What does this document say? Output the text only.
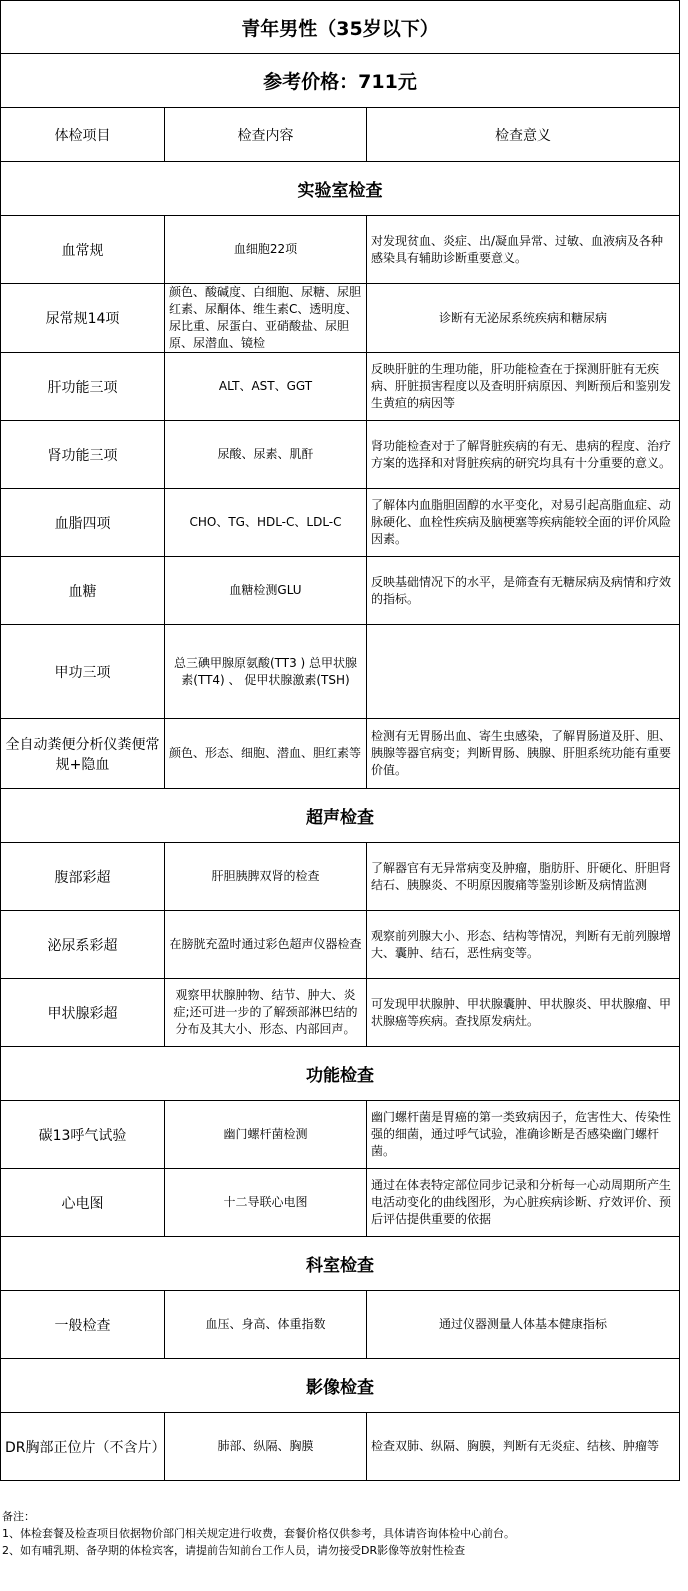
青年男性（35岁以下）		
参考价格：711元		
体检项目	检查内容	检查意义
实验室检查		
血常规	血细胞22项	对发现贫血、炎症、出/凝血异常、过敏、血液病及各种感染具有辅助诊断重要意义。
尿常规14项	颜色、酸碱度、白细胞、尿糖、尿胆红素、尿酮体、维生素C、透明度、尿比重、尿蛋白、亚硝酸盐、尿胆原、尿潜血、镜检	诊断有无泌尿系统疾病和糖尿病
肝功能三项	ALT、AST、GGT	反映肝脏的生理功能，肝功能检查在于探测肝脏有无疾病、肝脏损害程度以及查明肝病原因、判断预后和鉴别发生黄疸的病因等
肾功能三项	尿酸、尿素、肌酐	肾功能检查对于了解肾脏疾病的有无、患病的程度、治疗方案的选择和对肾脏疾病的研究均具有十分重要的意义。
血脂四项	CHO、TG、HDL-C、LDL-C	了解体内血脂胆固醇的水平变化，对易引起高脂血症、动脉硬化、血栓性疾病及脑梗塞等疾病能较全面的评价风险因素。
血糖	血糖检测GLU	反映基础情况下的水平，是筛查有无糖尿病及病情和疗效的指标。
甲功三项	总三碘甲腺原氨酸(TT3 ) 总甲状腺素(TT4) 、 促甲状腺激素(TSH)	
全自动粪便分析仪粪便常规+隐血	颜色、形态、细胞、潜血、胆红素等	检测有无胃肠出血、寄生虫感染，了解胃肠道及肝、胆、胰腺等器官病变；判断胃肠、胰腺、肝胆系统功能有重要价值。
超声检查		
腹部彩超	肝胆胰脾双肾的检查	了解器官有无异常病变及肿瘤，脂肪肝、肝硬化、肝胆肾结石、胰腺炎、不明原因腹痛等鉴别诊断及病情监测
泌尿系彩超	在膀胱充盈时通过彩色超声仪器检查	观察前列腺大小、形态、结构等情况，判断有无前列腺增大、囊肿、结石，恶性病变等。
甲状腺彩超	观察甲状腺肿物、结节、肿大、炎症;还可进一步的了解颈部淋巴结的分布及其大小、形态、内部回声。	可发现甲状腺肿、甲状腺囊肿、甲状腺炎、甲状腺瘤、甲状腺癌等疾病。查找原发病灶。
功能检查		
碳13呼气试验	幽门螺杆菌检测	幽门螺杆菌是胃癌的第一类致病因子，危害性大、传染性强的细菌，通过呼气试验，准确诊断是否感染幽门螺杆菌。
心电图	十二导联心电图	通过在体表特定部位同步记录和分析每一心动周期所产生电活动变化的曲线图形，为心脏疾病诊断、疗效评价、预后评估提供重要的依据
科室检查		
一般检查	血压、身高、体重指数	通过仪器测量人体基本健康指标
影像检查		
DR胸部正位片（不含片）	肺部、纵隔、胸膜	检查双肺、纵隔、胸膜，判断有无炎症、结核、肿瘤等
备注：
1、体检套餐及检查项目依据物价部门相关规定进行收费，套餐价格仅供参考，具体请咨询体检中心前台。
2、如有哺乳期、备孕期的体检宾客，请提前告知前台工作人员，请勿接受DR影像等放射性检查
